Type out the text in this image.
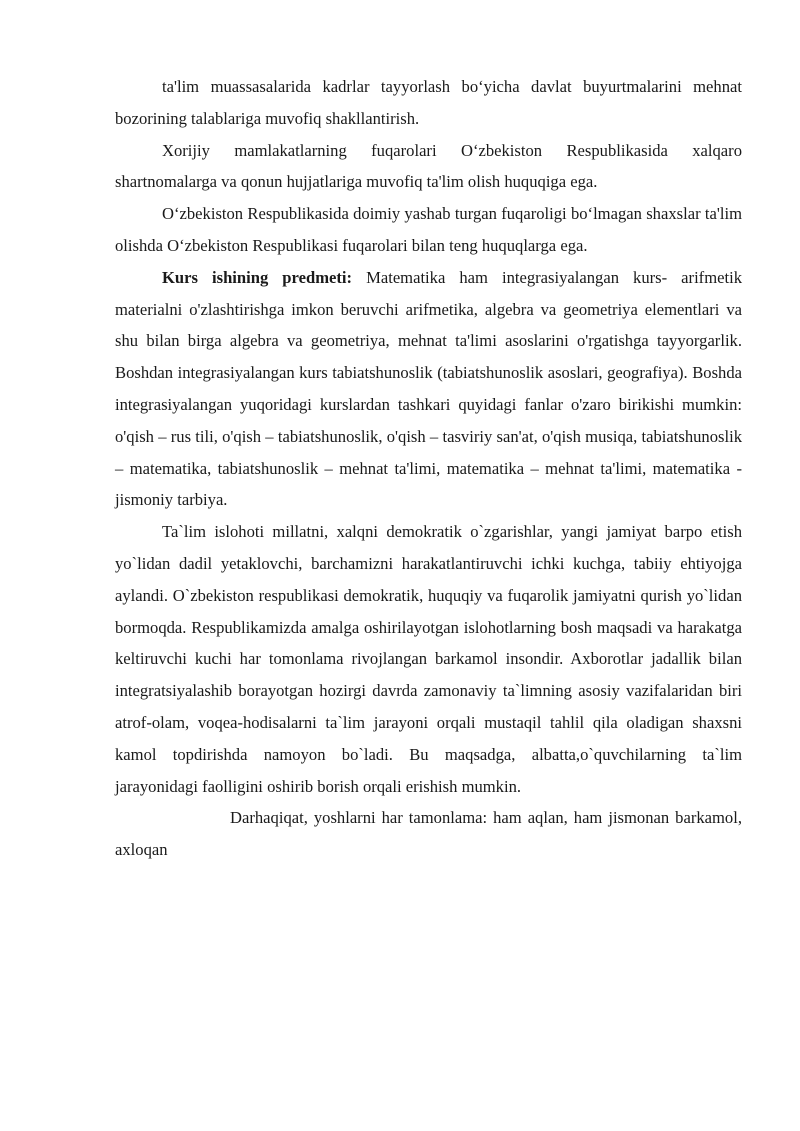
ta'lim muassasalarida kadrlar tayyorlash bo‘yicha davlat buyurtmalarini mehnat bozorining talablariga muvofiq shakllantirish.

Xorijiy mamlakatlarning fuqarolari O‘zbekiston Respublikasida xalqaro shartnomalarga va qonun hujjatlariga muvofiq ta'lim olish huquqiga ega.

O‘zbekiston Respublikasida doimiy yashab turgan fuqaroligi bo‘lmagan shaxslar ta'lim olishda O‘zbekiston Respublikasi fuqarolari bilan teng huquqlarga ega.

Kurs ishining predmeti: Matematika ham integrasiyalangan kurs- arifmetik materialni o'zlashtirishga imkon beruvchi arifmetika, algebra va geometriya elementlari va shu bilan birga algebra va geometriya, mehnat ta'limi asoslarini o'rgatishga tayyorgarlik. Boshdan integrasiyalangan kurs tabiatshunoslik (tabiatshunoslik asoslari, geografiya). Boshda integrasiyalangan yuqoridagi kurslardan tashkari quyidagi fanlar o'zaro birikishi mumkin: o'qish – rus tili, o'qish – tabiatshunoslik, o'qish – tasviriy san'at, o'qish musiqa, tabiatshunoslik – matematika, tabiatshunoslik – mehnat ta'limi, matematika – mehnat ta'limi, matematika - jismoniy tarbiya.

Ta`lim islohoti millatni, xalqni demokratik o`zgarishlar, yangi jamiyat barpo etish yo`lidan dadil yetaklovchi, barchamizni harakatlantiruvchi ichki kuchga, tabiiy ehtiyojga aylandi. O`zbekiston respublikasi demokratik, huquqiy va fuqarolik jamiyatni qurish yo`lidan bormoqda. Respublikamizda amalga oshirilayotgan islohotlarning bosh maqsadi va harakatga keltiruvchi kuchi har tomonlama rivojlangan barkamol insondir. Axborotlar jadallik bilan integratsiyalashib borayotgan hozirgi davrda zamonaviy ta`limning asosiy vazifalaridan biri atrof-olam, voqea-hodisalarni ta`lim jarayoni orqali mustaqil tahlil qila oladigan shaxsni kamol topdirishda namoyon bo`ladi. Bu maqsadga, albatta,o`quvchilarning ta`lim jarayonidagi faolligini oshirib borish orqali erishish mumkin.

Darhaqiqat, yoshlarni har tamonlama: ham aqlan, ham jismonan barkamol, axloqan
